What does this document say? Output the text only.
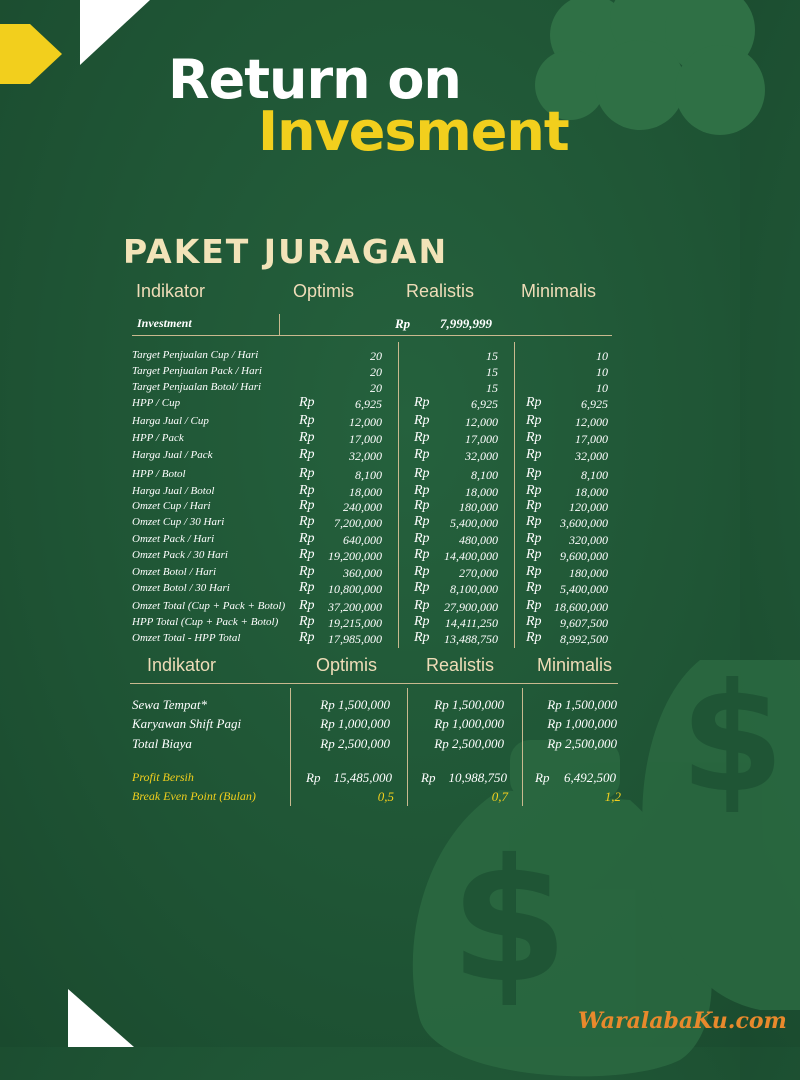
$
$
Return on
Invesment
PAKET JURAGAN
Indikator	Optimis	Realistis	Minimalis
Investment	Rp 7,999,999
Target Penjualan Cup / Hari	20	15	10
Target Penjualan Pack / Hari	20	15	10
Target Penjualan Botol/ Hari	20	15	10
HPP / Cup	Rp	6,925 Rp	6,925 Rp	6,925
Harga Jual / Cup	Rp	12,000 Rp	12,000 Rp	12,000
HPP / Pack	Rp	17,000 Rp	17,000 Rp	17,000
Harga Jual / Pack	Rp	32,000 Rp	32,000 Rp	32,000
HPP / Botol	Rp	8,100 Rp	8,100 Rp	8,100
Harga Jual / Botol	Rp	18,000 Rp	18,000 Rp	18,000
Omzet Cup / Hari	Rp 240,000 Rp 180,000 Rp 120,000
Omzet Cup / 30 Hari	Rp 7,200,000 Rp 5,400,000 Rp 3,600,000
Omzet Pack / Hari	Rp 640,000 Rp 480,000 Rp 320,000
Omzet Pack / 30 Hari	Rp 19,200,000 Rp 14,400,000 Rp 9,600,000
Omzet Botol / Hari	Rp 360,000 Rp 270,000 Rp 180,000
Omzet Botol / 30 Hari	Rp 10,800,000 Rp 8,100,000 Rp 5,400,000
Omzet Total (Cup + Pack + Botol) Rp 37,200,000 Rp 27,900,000 Rp 18,600,000
HPP Total (Cup + Pack + Botol) Rp 19,215,000 Rp 14,411,250 Rp 9,607,500
Omzet Total - HPP Total	Rp 17,985,000 Rp 13,488,750 Rp 8,992,500
Indikator	Optimis	Realistis Minimalis
Sewa Tempat*	Rp 1,500,000	Rp 1,500,000	Rp 1,500,000
Karyawan Shift Pagi	Rp 1,000,000	Rp 1,000,000	Rp 1,000,000
Total Biaya	Rp 2,500,000	Rp 2,500,000	Rp 2,500,000
Profit Bersih	Rp 15,485,000 Rp 10,988,750 Rp 6,492,500
Break Even Point (Bulan)	0,5	0,7	1,2
WaralabaKu.com
